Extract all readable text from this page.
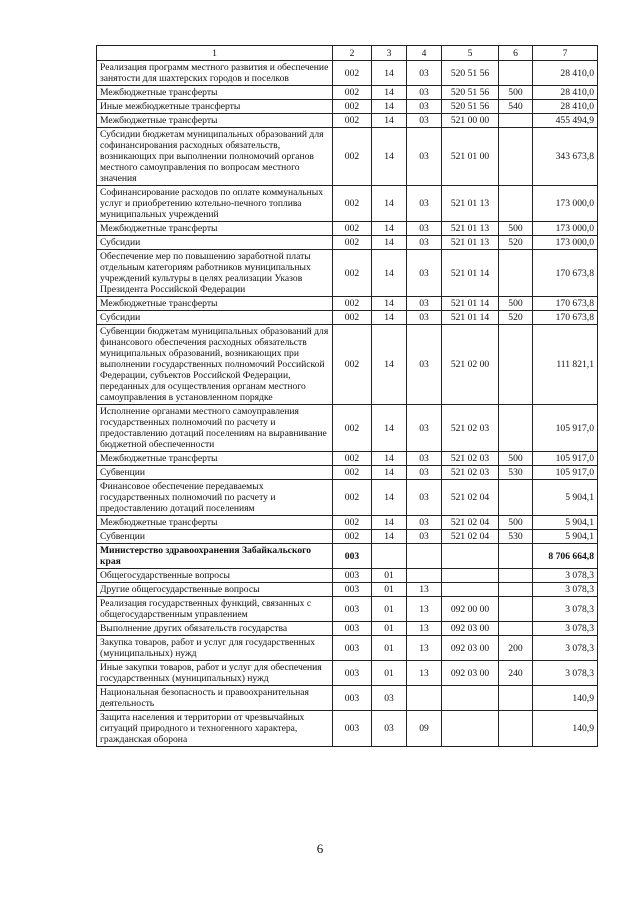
1	2	3	4	5	6	7
Реализация программ местного развития и обеспечение занятости для шахтерских городов и поселков	002	14	03	520 51 56		28 410,0
Межбюджетные трансферты	002	14	03	520 51 56	500	28 410,0
Иные межбюджетные трансферты	002	14	03	520 51 56	540	28 410,0
Межбюджетные трансферты	002	14	03	521 00 00		455 494,9
Субсидии бюджетам муниципальных образований для софинансирования расходных обязательств, возникающих при выполнении полномочий органов местного самоуправления по вопросам местного значения	002	14	03	521 01 00		343 673,8
Софинансирование расходов по оплате коммунальных услуг и приобретению котельно-печного топлива муниципальных учреждений	002	14	03	521 01 13		173 000,0
Межбюджетные трансферты	002	14	03	521 01 13	500	173 000,0
Субсидии	002	14	03	521 01 13	520	173 000,0
Обеспечение мер по повышению заработной платы отдельным категориям работников муниципальных учреждений культуры в целях реализации Указов Президента Российской Федерации	002	14	03	521 01 14		170 673,8
Межбюджетные трансферты	002	14	03	521 01 14	500	170 673,8
Субсидии	002	14	03	521 01 14	520	170 673,8
Субвенции бюджетам муниципальных образований для финансового обеспечения расходных обязательств муниципальных образований, возникающих при выполнении государственных полномочий Российской Федерации, субъектов Российской Федерации, переданных для осуществления органам местного самоуправления в установленном порядке	002	14	03	521 02 00		111 821,1
Исполнение органами местного самоуправления государственных полномочий по расчету и предоставлению дотаций поселениям на выравнивание бюджетной обеспеченности	002	14	03	521 02 03		105 917,0
Межбюджетные трансферты	002	14	03	521 02 03	500	105 917,0
Субвенции	002	14	03	521 02 03	530	105 917,0
Финансовое обеспечение передаваемых государственных полномочий по расчету и предоставлению дотаций поселениям	002	14	03	521 02 04		5 904,1
Межбюджетные трансферты	002	14	03	521 02 04	500	5 904,1
Субвенции	002	14	03	521 02 04	530	5 904,1
Министерство здравоохранения Забайкальского края	003					8 706 664,8
Общегосударственные вопросы	003	01				3 078,3
Другие общегосударственные вопросы	003	01	13			3 078,3
Реализация государственных функций, связанных с общегосударственным управлением	003	01	13	092 00 00		3 078,3
Выполнение других обязательств государства	003	01	13	092 03 00		3 078,3
Закупка товаров, работ и услуг для государственных (муниципальных) нужд	003	01	13	092 03 00	200	3 078,3
Иные закупки товаров, работ и услуг для обеспечения государственных (муниципальных) нужд	003	01	13	092 03 00	240	3 078,3
Национальная безопасность и правоохранительная деятельность	003	03				140,9
Защита населения и территории от чрезвычайных ситуаций природного и техногенного характера, гражданская оборона	003	03	09			140,9
6
